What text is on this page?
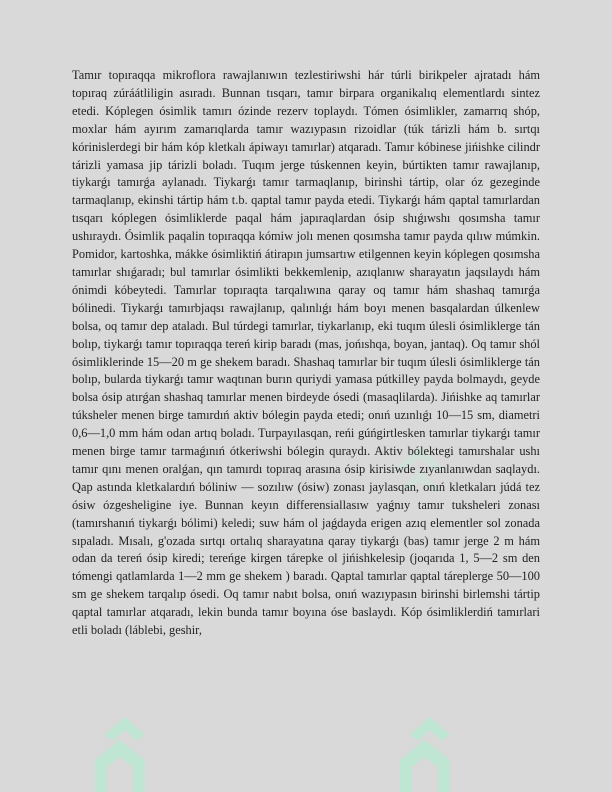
Tamır topıraqqa mikroflora rawajlanıwın tezlestiriwshi hár túrli birikpeler ajratadı hám topıraq zúráátliligin asıradı. Bunnan tısqarı, tamır birpara organikalıq elementlardı sintez etedi. Kóplegen ósimlik tamırı ózinde rezerv toplaydı. Tómen ósimlikler, zamarrıq shóp, moxlar hám ayırım zamarıqlarda tamır wazıypasın rizoidlar (túk tárizli hám b. sırtqı kórinislerdegi bir hám kóp kletkalı ápiwayı tamırlar) atqaradı. Tamır kóbinese jińishke cilindr tárizli yamasa jip tárizli boladı. Tuqım jerge túskennen keyin, búrtikten tamır rawajlanıp, tiykarǵı tamırǵa aylanadı. Tiykarǵı tamır tarmaqlanıp, birinshi tártip, olar óz gezeginde tarmaqlanıp, ekinshi tártip hám t.b. qaptal tamır payda etedi. Tiykarǵı hám qaptal tamırlardan tısqarı kóplegen ósimliklerde paqal hám japıraqlardan ósip shıǵıwshı qosımsha tamır ushıraydı. Ósimlik paqalin topıraqqa kómiw jolı menen qosımsha tamır payda qılıw múmkin. Pomidor, kartoshka, mákke ósimliktiń átirapın jumsartıw etilgennen keyin kóplegen qosımsha tamırlar shıǵaradı; bul tamırlar ósimlikti bekkemlenip, azıqlanıw sharayatın jaqsılaydı hám ónimdi kóbeytedi. Tamırlar topıraqta tarqalıwına qaray oq tamır hám shashaq tamırǵa bólinedi. Tiykarǵı tamırbjaqsı rawajlanıp, qalınlıǵı hám boyı menen basqalardan úlkenlew bolsa, oq tamır dep ataladı. Bul túrdegi tamırlar, tiykarlanıp, eki tuqım úlesli ósimliklerge tán bolıp, tiykarǵı tamır topıraqqa tereń kirip baradı (mas, jońıshqa, boyan, jantaq). Oq tamır shól ósimliklerinde 15—20 m ge shekem baradı. Shashaq tamırlar bir tuqım úlesli ósimliklerge tán bolıp, bularda tiykarǵı tamır waqtınan burın quriydi yamasa pútkilley payda bolmaydı, geyde bolsa ósip atırǵan shashaq tamırlar menen birdeyde ósedi (masaqlilarda). Jińishke aq tamırlar túksheler menen birge tamırdıń aktiv bólegin payda etedi; onıń uzınlıǵı 10—15 sm, diametri 0,6—1,0 mm hám odan artıq boladı. Turpayılasqan, reńi gúńgirtlesken tamırlar tiykarǵı tamır menen birge tamır tarmaǵınıń ótkeriwshi bólegin quraydı. Aktiv bólektegi tamırshalar ushı tamır qını menen oralǵan, qın tamırdı topıraq arasına ósip kirisiwde zıyanlanıwdan saqlaydı. Qap astında kletkalardıń bóliniw — sozılıw (ósiw) zonası jaylasqan, onıń kletkaları júdá tez ósiw ózgesheligine iye. Bunnan keyın differensiallasıw yaǵnıy tamır tuksheleri zonası (tamırshanıń tiykarǵı bólimi) keledi; suw hám ol jaǵdayda erigen azıq elementler sol zonada sıpaladı. Mısalı, g'ozada sırtqı ortalıq sharayatına qaray tiykarǵı (bas) tamır jerge 2 m hám odan da tereń ósip kiredi; tereńge kirgen tárepke ol jińishkelesip (joqarıda 1, 5—2 sm den tómengi qatlamlarda 1—2 mm ge shekem ) baradı. Qaptal tamırlar qaptal táreplerge 50—100 sm ge shekem tarqalıp ósedi. Oq tamır nabıt bolsa, onıń wazıypasın birinshi birlemshi tártip qaptal tamırlar atqaradı, lekin bunda tamır boyına óse baslaydı. Kóp ósimliklerdiń tamırlari etli boladı (láblebi, geshir,
